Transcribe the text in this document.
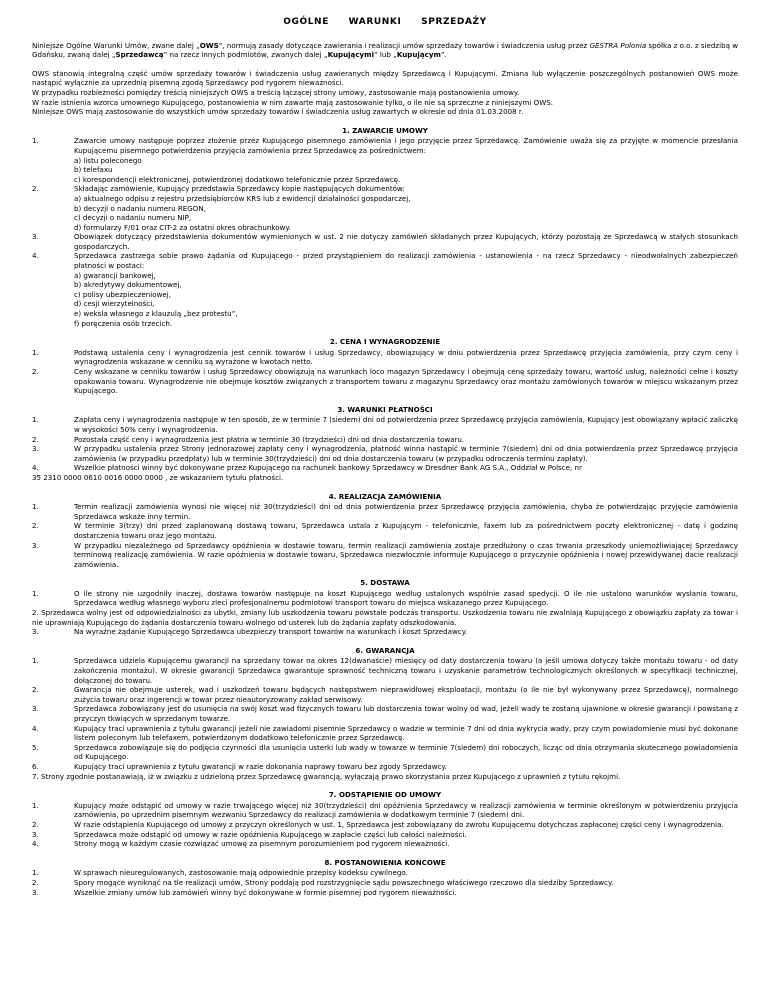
OGÓLNE WARUNKI SPRZEDAŻY

Niniejsze Ogólne Warunki Umów, zwane dalej „OWS”, normują zasady dotyczące zawierania i realizacji umów sprzedaży towarów i świadczenia usług przez GESTRA Polonia spółka z o.o. z siedzibą w Gdańsku, zwaną dalej „Sprzedawcą” na rzecz innych podmiotów, zwanych dalej „Kupującymi” lub „Kupującym”.

OWS stanowią integralną część umów sprzedaży towarów i świadczenia usług zawieranych między Sprzedawcą i Kupującymi. Zmiana lub wyłączenie poszczególnych postanowień OWS może nastąpić wyłącznie za uprzednią pisemną zgodą Sprzedawcy pod rygorem nieważności.

W przypadku rozbieżności pomiędzy treścią niniejszych OWS a treścią łączącej strony umowy, zastosowanie mają postanowienia umowy.

W razie istnienia wzorca umownego Kupującego, postanowienia w nim zawarte mają zastosowanie tylko, o ile nie są sprzeczne z niniejszymi OWS.

Niniejsze OWS mają zastosowanie do wszystkich umów sprzedaży towarów i świadczenia usług zawartych w okresie od dnia 01.03.2008 r.

1. ZAWARCIE UMOWY
1.	Zawarcie umowy następuje poprzez złożenie przez Kupującego pisemnego zamówienia i jego przyjęcie przez Sprzedawcę. Zamówienie uważa się za przyjęte w momencie przesłania Kupującemu pisemnego potwierdzenia przyjęcia zamówienia przez Sprzedawcę za pośrednictwem:
a) listu poleconego
b) telefaxu
c) korespondencji elektronicznej, potwierdzonej dodatkowo telefonicznie przez Sprzedawcę.
2.	Składając zamówienie, Kupujący przedstawia Sprzedawcy kopie następujących dokumentów:
a) aktualnego odpisu z rejestru przedsiębiorców KRS lub z ewidencji działalności gospodarczej,
b) decyzji o nadaniu numeru REGON,
c) decyzji o nadaniu numeru NIP,
d) formularzy F/01 oraz CIT-2 za ostatni okres obrachunkowy.
3.	Obowiązek dotyczący przedstawienia dokumentów wymienionych w ust. 2 nie dotyczy zamówień składanych przez Kupujących, którzy pozostają ze Sprzedawcą w stałych stosunkach gospodarczych.
4.	Sprzedawca zastrzega sobie prawo żądania od Kupującego - przed przystąpieniem do realizacji zamówienia - ustanowienia - na rzecz Sprzedawcy - nieodwołalnych zabezpieczeń płatności w postaci:
a) gwarancji bankowej,
b) akredytywy dokumentowej,
c) polisy ubezpieczeniowej,
d) cesji wierzytelności,
e) weksla własnego z klauzulą „bez protestu”,
f) poręczenia osób trzecich.
2. CENA I WYNAGRODZENIE
1.	Podstawą ustalenia ceny i wynagrodzenia jest cennik towarów i usług Sprzedawcy, obowiązujący w dniu potwierdzenia przez Sprzedawcę przyjęcia zamówienia, przy czym ceny i wynagrodzenia wskazane w cenniku są wyrażone w kwotach netto.
2.	Ceny wskazane w cenniku towarów i usług Sprzedawcy obowiązują na warunkach loco magazyn Sprzedawcy i obejmują cenę sprzedaży towaru, wartość usług, należności celne i koszty opakowania towaru. Wynagrodzenie nie obejmuje kosztów związanych z transportem towaru z magazynu Sprzedawcy oraz montażu zamówionych towarów w miejscu wskazanym przez Kupującego.
3. WARUNKI PŁATNOŚCI
1.	Zapłata ceny i wynagrodzenia następuje w ten sposób, że w terminie 7 (siedem) dni od potwierdzenia przez Sprzedawcę przyjęcia zamówienia, Kupujący jest obowiązany wpłacić zaliczkę w wysokości 50% ceny i wynagrodzenia.
2.	Pozostała część ceny i wynagrodzenia jest płatna w terminie 30 (trzydzieści) dni od dnia dostarczenia towaru.
3.	W przypadku ustalenia przez Strony jednorazowej zapłaty ceny i wynagrodzenia, płatność winna nastąpić w terminie 7(siedem) dni od dnia potwierdzenia przez Sprzedawcę przyjęcia zamówienia (w przypadku przedpłaty) lub w terminie 30(trzydzieści) dni od dnia dostarczenia towaru (w przypadku odroczenia terminu zapłaty).
4.	Wszelkie płatności winny być dokonywane przez Kupującego na rachunek bankowy Sprzedawcy w Dresdner Bank AG S.A., Oddział w Polsce, nr
35 2310 0000 0610 0016 0000 0000 , ze wskazaniem tytułu płatności.
4. REALIZACJA ZAMÓWIENIA
1.	Termin realizacji zamówienia wynosi nie więcej niż 30(trzydzieści) dni od dnia potwierdzenia przez Sprzedawcę przyjęcia zamówienia, chyba że potwierdzając przyjęcie zamówienia Sprzedawca wskaże inny termin.
2.	W terminie 3(trzy) dni przed zaplanowaną dostawą towaru, Sprzedawca ustala z Kupującym - telefonicznie, faxem lub za pośrednictwem poczty elektronicznej - datę i godzinę dostarczenia towaru oraz jego montażu.
3.	W przypadku niezależnego od Sprzedawcy opóźnienia w dostawie towaru, termin realizacji zamówienia zostaje przedłużony o czas trwania przeszkody uniemożliwiającej Sprzedawcy terminową realizację zamówienia. W razie opóźnienia w dostawie towaru, Sprzedawca niezwłocznie informuje Kupującego o przyczynie opóźnienia i nowej przewidywanej dacie realizacji zamówienia.
5. DOSTAWA
1.	O ile strony nie uzgodniły inaczej, dostawa towarów następuje na koszt Kupującego według ustalonych wspólnie zasad spedycji. O ile nie ustalono warunków wysłania towaru, Sprzedawca według własnego wyboru zleci profesjonalnemu podmiotowi transport towaru do miejsca wskazanego przez Kupującego.
2. Sprzedawca wolny jest od odpowiedzialności za ubytki, zmiany lub uszkodzenia towaru powstałe podczas transportu. Uszkodzenia towaru nie zwalniają Kupującego z obowiązku zapłaty za towar i nie uprawniają Kupującego do żądania dostarczenia towaru wolnego od usterek lub do żądania zapłaty odszkodowania.
3.	Na wyraźne żądanie Kupującego Sprzedawca ubezpieczy transport towarów na warunkach i koszt Sprzedawcy.
6. GWARANCJA
1.	Sprzedawca udziela Kupującemu gwarancji na sprzedany towar na okres 12(dwanaście) miesięcy od daty dostarczenia towaru (a jeśli umowa dotyczy także montażu towaru - od daty zakończenia montażu). W okresie gwarancji Sprzedawca gwarantuje sprawność techniczną towaru i uzyskanie parametrów technologicznych określonych w specyfikacji technicznej, dołączonej do towaru.
2.	Gwarancja nie obejmuje usterek, wad i uszkodzeń towaru będących następstwem nieprawidłowej eksploatacji, montażu (o ile nie był wykonywany przez Sprzedawcę), normalnego zużycia towaru oraz ingerencji w towar przez nieautoryzowany zakład serwisowy.
3.	Sprzedawca zobowiązany jest do usunięcia na swój koszt wad fizycznych towaru lub dostarczenia towar wolny od wad, jeżeli wady te zostaną ujawnione w okresie gwarancji i powstaną z przyczyn tkwiących w sprzedanym towarze.
4.	Kupujący traci uprawnienia z tytułu gwarancji jeżeli nie zawiadomi pisemnie Sprzedawcy o wadzie w terminie 7 dni od dnia wykrycia wady, przy czym powiadomienie musi być dokonane listem poleconym lub telefaxem, potwierdzonym dodatkowo telefonicznie przez Sprzedawcę.
5.	Sprzedawca zobowiązuje się do podjęcia czynności dla usunięcia usterki lub wady w towarze w terminie 7(siedem) dni roboczych, licząc od dnia otrzymania skutecznego powiadomienia od Kupującego.
6.	Kupujący traci uprawnienia z tytułu gwarancji w razie dokonania naprawy towaru bez zgody Sprzedawcy.
7. Strony zgodnie postanawiają, iż w związku z udzieloną przez Sprzedawcę gwarancją, wyłączają prawo skorzystania przez Kupującego z uprawnień z tytułu rękojmi.
7. ODSTĄPIENIE OD UMOWY
1.	Kupujący może odstąpić od umowy w razie trwającego więcej niż 30(trzydzieści) dni opóźnienia Sprzedawcy w realizacji zamówienia w terminie określonym w potwierdzeniu przyjęcia zamówienia, po uprzednim pisemnym wezwaniu Sprzedawcy do realizacji zamówienia w dodatkowym terminie 7 (siedem) dni.
2.	W razie odstąpienia Kupującego od umowy z przyczyn określonych w ust. 1, Sprzedawca jest zobowiązany do zwrotu Kupującemu dotychczas zapłaconej części ceny i wynagrodzenia.
3.	Sprzedawca może odstąpić od umowy w razie opóźnienia Kupującego w zapłacie części lub całości należności.
4.	Strony mogą w każdym czasie rozwiązać umowę za pisemnym porozumieniem pod rygorem nieważności.
8. POSTANOWIENIA KOŃCOWE
1.	W sprawach nieuregulowanych, zastosowanie mają odpowiednie przepisy kodeksu cywilnego.
2.	Spory mogące wyniknąć na tle realizacji umów, Strony poddają pod rozstrzygnięcie sądu powszechnego właściwego rzeczowo dla siedziby Sprzedawcy.
3.	Wszelkie zmiany umów lub zamówień winny być dokonywane w formie pisemnej pod rygorem nieważności.
